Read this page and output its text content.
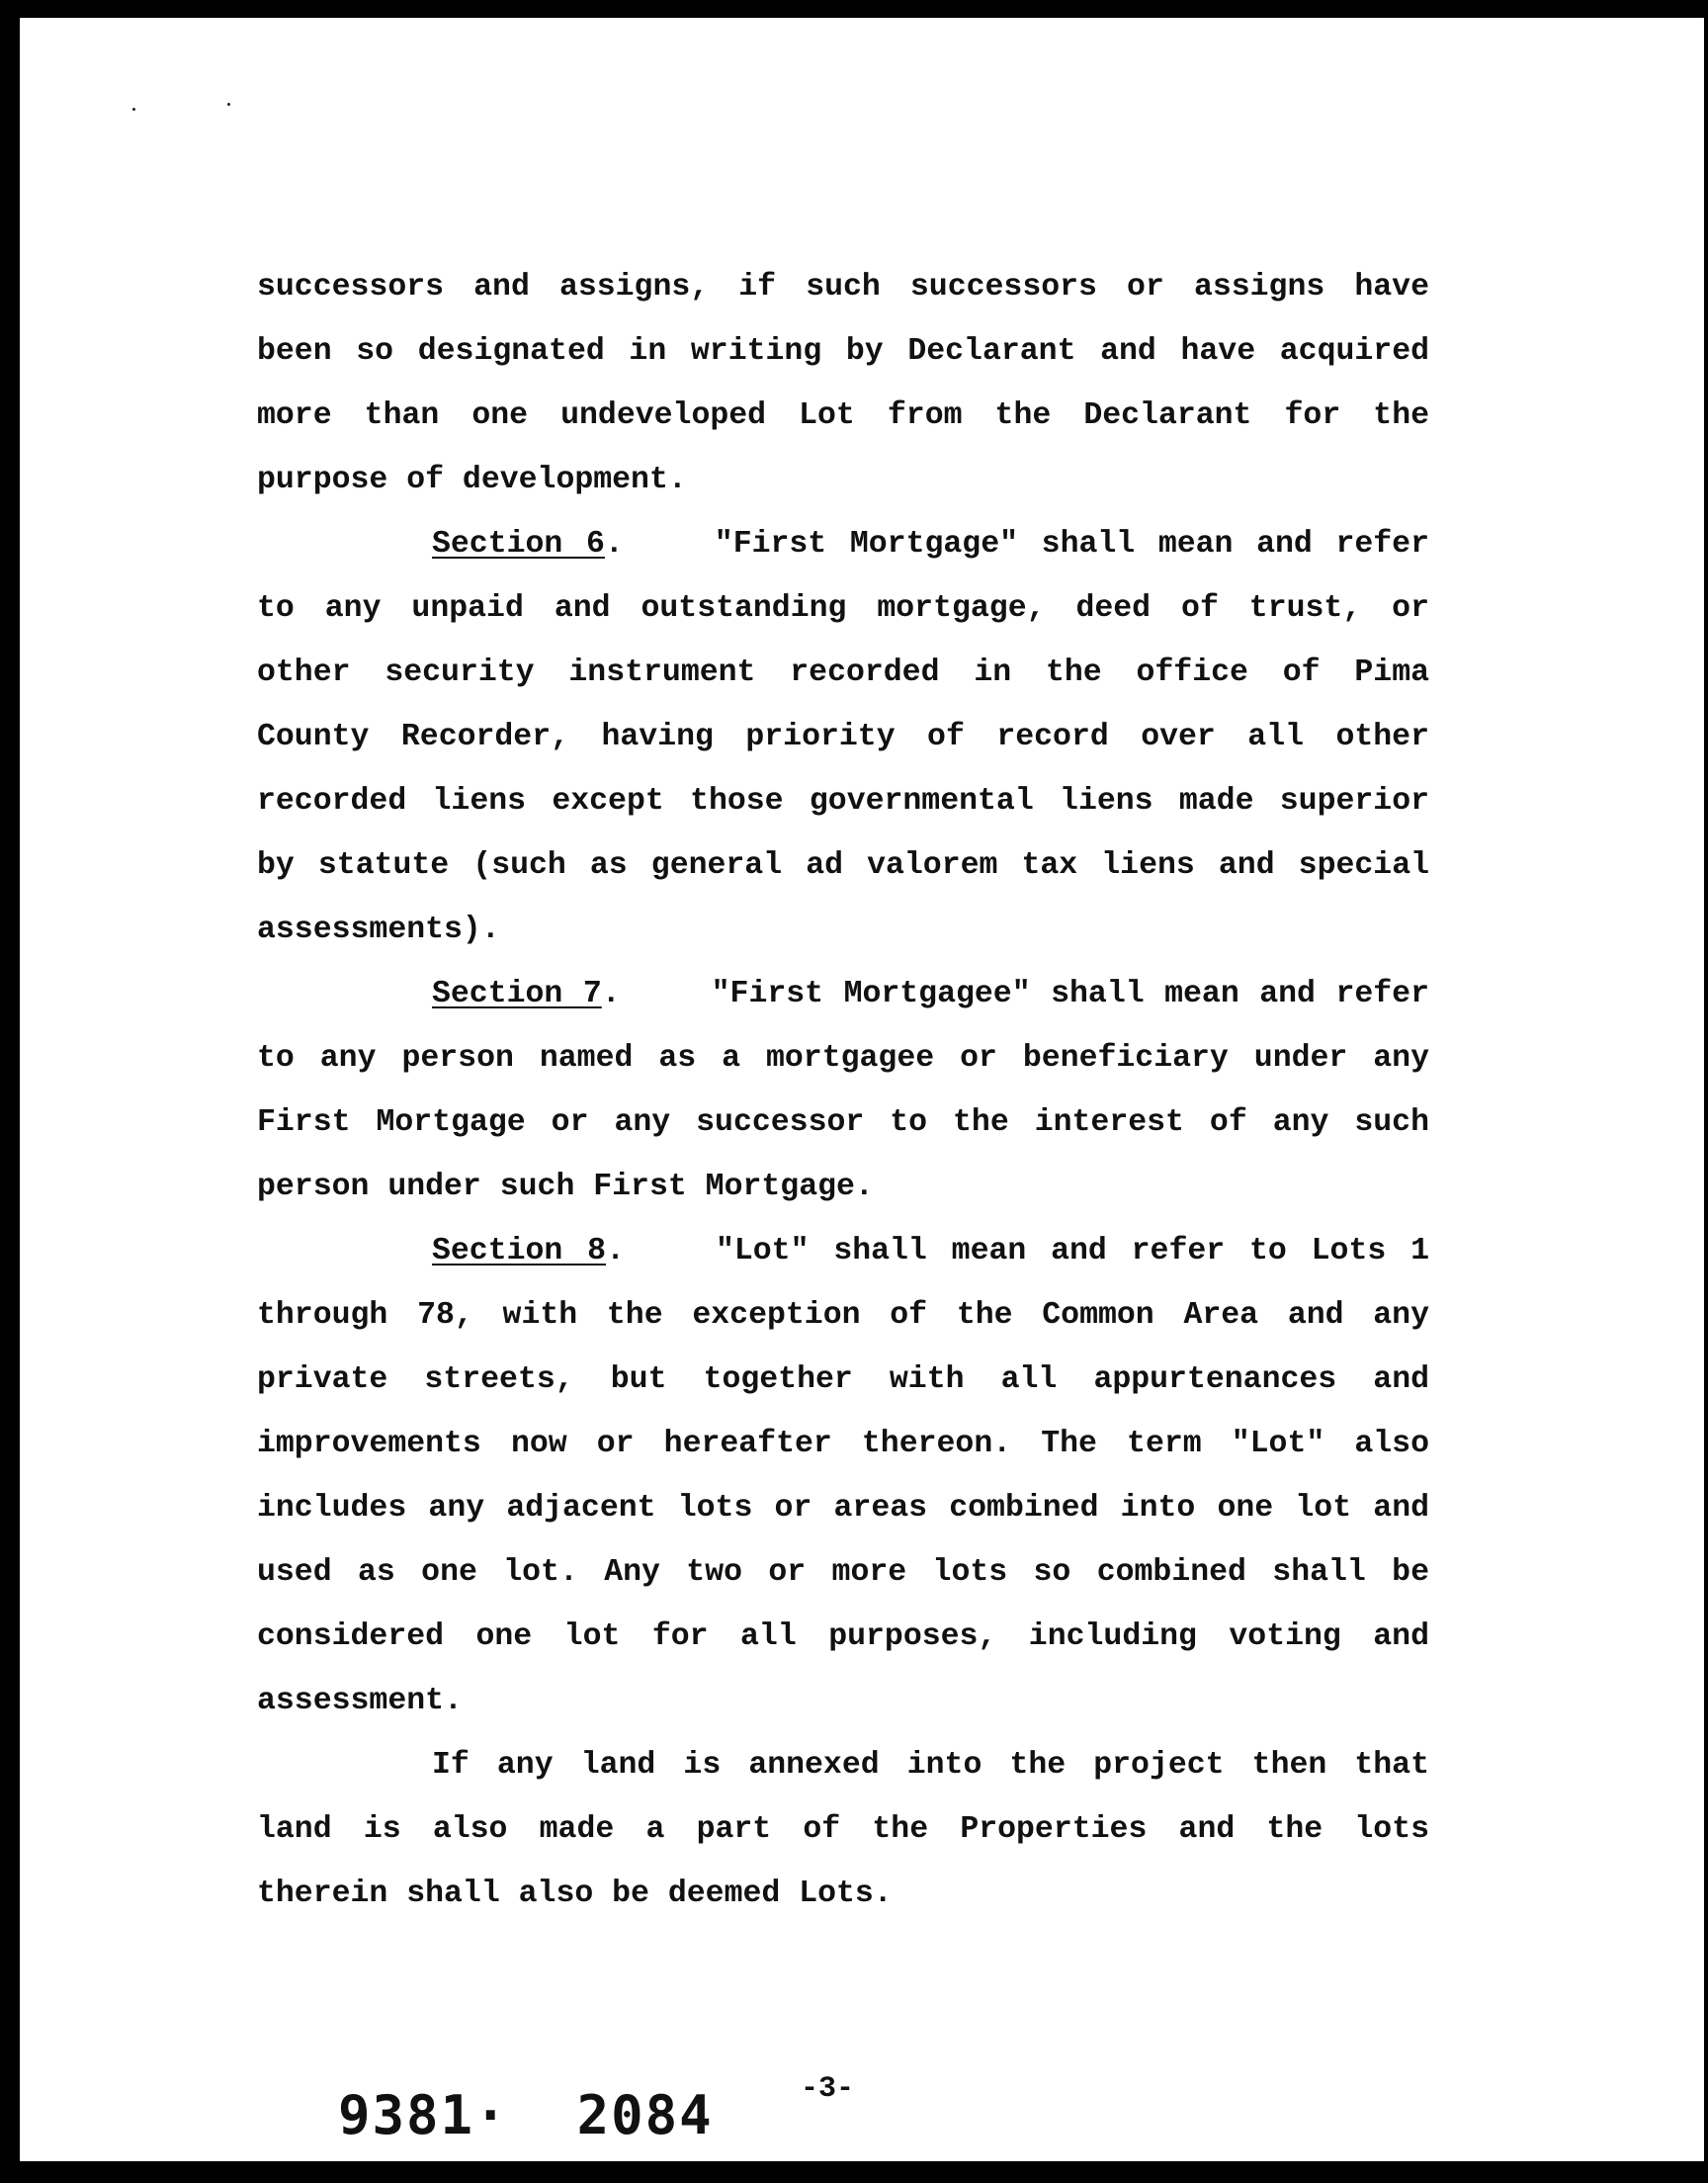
successors and assigns, if such successors or assigns have been so designated in writing by Declarant and have acquired more than one undeveloped Lot from the Declarant for the purpose of development.

Section 6.	"First Mortgage" shall mean and refer to any unpaid and outstanding mortgage, deed of trust, or other security instrument recorded in the office of Pima County Recorder, having priority of record over all other recorded liens except those governmental liens made superior by statute (such as general ad valorem tax liens and special assessments).

Section 7.	"First Mortgagee" shall mean and refer to any person named as a mortgagee or beneficiary under any First Mortgage or any successor to the interest of any such person under such First Mortgage.

Section 8.	"Lot" shall mean and refer to Lots 1 through 78, with the exception of the Common Area and any private streets, but together with all appurtenances and improvements now or hereafter thereon. The term "Lot" also includes any adjacent lots or areas combined into one lot and used as one lot. Any two or more lots so combined shall be considered one lot for all purposes, including voting and assessment.

If any land is annexed into the project then that land is also made a part of the Properties and the lots therein shall also be deemed Lots.

-3-
9381·  2084
